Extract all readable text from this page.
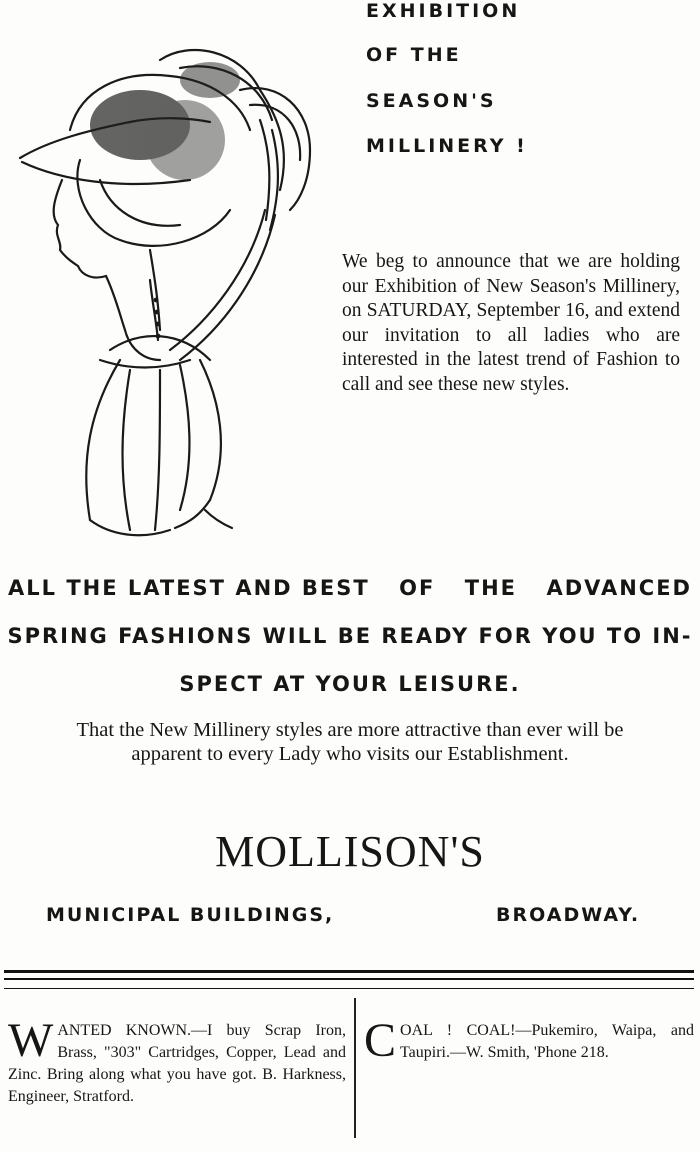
EXHIBITION
OF THE
SEASON'S
MILLINERY !
We beg to announce that we are holding our Exhibition of New Season's Millinery, on SATURDAY, September 16, and extend our invitation to all ladies who are interested in the latest trend of Fashion to call and see these new styles.
ALL THE LATEST AND BEST OF THE ADVANCED
SPRING FASHIONS WILL BE READY FOR YOU TO IN-
SPECT AT YOUR LEISURE.
That the New Millinery styles are more attractive than ever will be apparent to every Lady who visits our Establishment.
MOLLISON'S
MUNICIPAL BUILDINGS,	BROADWAY.
W ANTED KNOWN.—I buy Scrap Iron, Brass, "303" Cartridges, Copper, Lead and Zinc. Bring along what you have got. B. Harkness, Engineer, Stratford.
C OAL ! COAL!—Pukemiro, Waipa, and Taupiri.—W. Smith, 'Phone 218.
